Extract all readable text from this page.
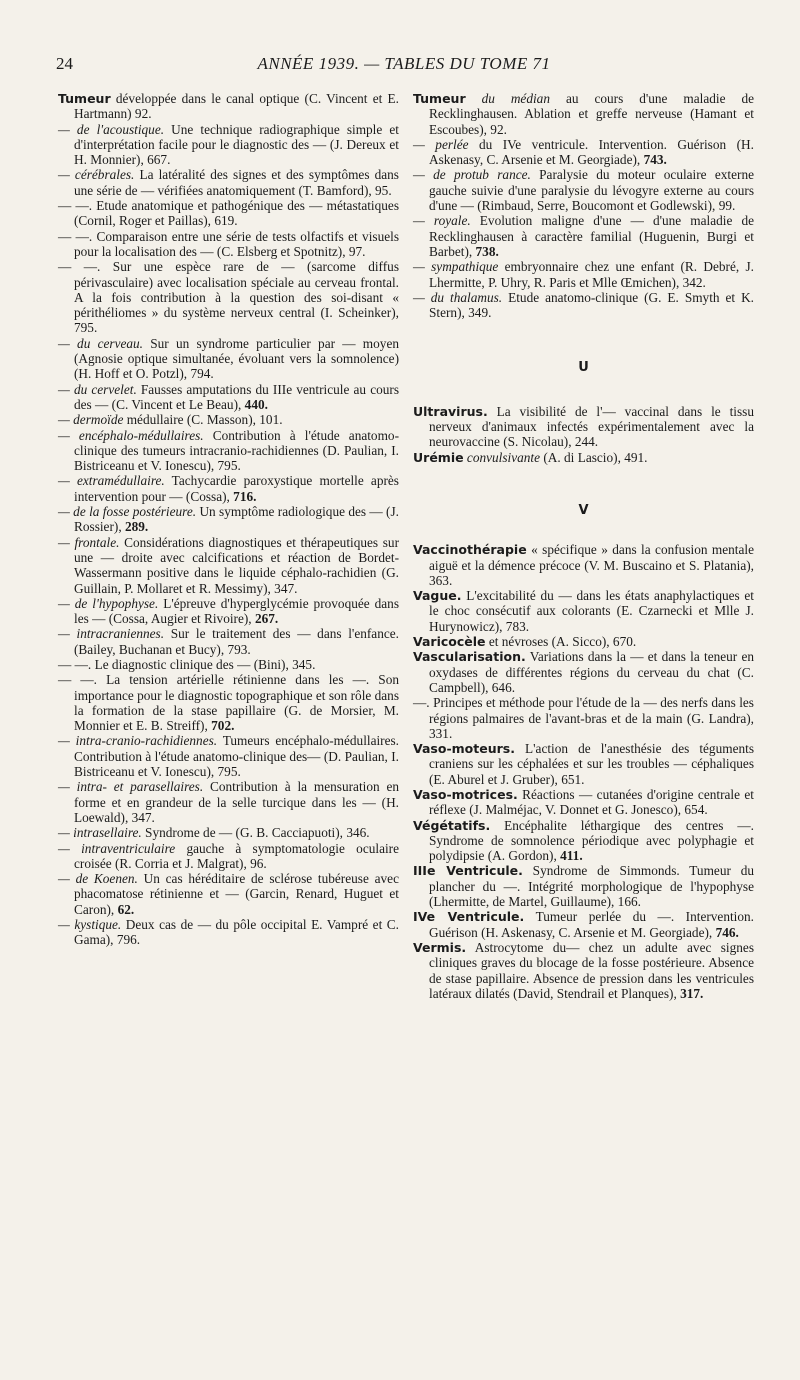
24	ANNÉE 1939. — TABLES DU TOME 71

Tumeur développée dans le canal optique (C. Vincent et E. Hartmann) 92.

— de l'acoustique. Une technique radiographique simple et d'interprétation facile pour le diagnostic des — (J. Dereux et H. Monnier), 667.

— cérébrales. La latéralité des signes et des symptômes dans une série de — vérifiées anatomiquement (T. Bamford), 95.

— —. Etude anatomique et pathogénique des — métastatiques (Cornil, Roger et Paillas), 619.

— —. Comparaison entre une série de tests olfactifs et visuels pour la localisation des — (C. Elsberg et Spotnitz), 97.

— —. Sur une espèce rare de — (sarcome diffus périvasculaire) avec localisation spéciale au cerveau frontal. A la fois contribution à la question des soi-disant « périthéliomes » du système nerveux central (I. Scheinker), 795.

— du cerveau. Sur un syndrome particulier par — moyen (Agnosie optique simultanée, évoluant vers la somnolence) (H. Hoff et O. Potzl), 794.

— du cervelet. Fausses amputations du IIIe ventricule au cours des — (C. Vincent et Le Beau), 440.

— dermoïde médullaire (C. Masson), 101.

— encéphalo-médullaires. Contribution à l'étude anatomo-clinique des tumeurs intracranio-rachidiennes (D. Paulian, I. Bistriceanu et V. Ionescu), 795.

— extramédullaire. Tachycardie paroxystique mortelle après intervention pour — (Cossa), 716.

— de la fosse postérieure. Un symptôme radiologique des — (J. Rossier), 289.

— frontale. Considérations diagnostiques et thérapeutiques sur une — droite avec calcifications et réaction de Bordet-Wassermann positive dans le liquide céphalo-rachidien (G. Guillain, P. Mollaret et R. Messimy), 347.

— de l'hypophyse. L'épreuve d'hyperglycémie provoquée dans les — (Cossa, Augier et Rivoire), 267.

— intracraniennes. Sur le traitement des — dans l'enfance. (Bailey, Buchanan et Bucy), 793.

— —. Le diagnostic clinique des — (Bini), 345.

— —. La tension artérielle rétinienne dans les —. Son importance pour le diagnostic topographique et son rôle dans la formation de la stase papillaire (G. de Morsier, M. Monnier et E. B. Streiff), 702.

— intra-cranio-rachidiennes. Tumeurs encéphalo-médullaires. Contribution à l'étude anatomo-clinique des— (D. Paulian, I. Bistriceanu et V. Ionescu), 795.

— intra- et parasellaires. Contribution à la mensuration en forme et en grandeur de la selle turcique dans les — (H. Loewald), 347.

— intrasellaire. Syndrome de — (G. B. Cacciapuoti), 346.

— intraventriculaire gauche à symptomatologie oculaire croisée (R. Corria et J. Malgrat), 96.

— de Koenen. Un cas héréditaire de sclérose tubéreuse avec phacomatose rétinienne et — (Garcin, Renard, Huguet et Caron), 62.

— kystique. Deux cas de — du pôle occipital E. Vampré et C. Gama), 796.

Tumeur du médian au cours d'une maladie de Recklinghausen. Ablation et greffe nerveuse (Hamant et Escoubes), 92.

— perlée du IVe ventricule. Intervention. Guérison (H. Askenasy, C. Arsenie et M. Georgiade), 743.

— de protub rance. Paralysie du moteur oculaire externe gauche suivie d'une paralysie du lévogyre externe au cours d'une — (Rimbaud, Serre, Boucomont et Godlewski), 99.

— royale. Evolution maligne d'une — d'une maladie de Recklinghausen à caractère familial (Huguenin, Burgi et Barbet), 738.

— sympathique embryonnaire chez une enfant (R. Debré, J. Lhermitte, P. Uhry, R. Paris et Mlle Œmichen), 342.

— du thalamus. Etude anatomo-clinique (G. E. Smyth et K. Stern), 349.

U

Ultravirus. La visibilité de l'— vaccinal dans le tissu nerveux d'animaux infectés expérimentalement avec la neurovaccine (S. Nicolau), 244.

Urémie convulsivante (A. di Lascio), 491.

V

Vaccinothérapie « spécifique » dans la confusion mentale aiguë et la démence précoce (V. M. Buscaino et S. Platania), 363.

Vague. L'excitabilité du — dans les états anaphylactiques et le choc consécutif aux colorants (E. Czarnecki et Mlle J. Hurynowicz), 783.

Varicocèle et névroses (A. Sicco), 670.

Vascularisation. Variations dans la — et dans la teneur en oxydases de différentes régions du cerveau du chat (C. Campbell), 646.

—. Principes et méthode pour l'étude de la — des nerfs dans les régions palmaires de l'avant-bras et de la main (G. Landra), 331.

Vaso-moteurs. L'action de l'anesthésie des téguments craniens sur les céphalées et sur les troubles — céphaliques (E. Aburel et J. Gruber), 651.

Vaso-motrices. Réactions — cutanées d'origine centrale et réflexe (J. Malméjac, V. Donnet et G. Jonesco), 654.

Végétatifs. Encéphalite léthargique des centres —. Syndrome de somnolence périodique avec polyphagie et polydipsie (A. Gordon), 411.

IIIe Ventricule. Syndrome de Simmonds. Tumeur du plancher du —. Intégrité morphologique de l'hypophyse (Lhermitte, de Martel, Guillaume), 166.

IVe Ventricule. Tumeur perlée du —. Intervention. Guérison (H. Askenasy, C. Arsenie et M. Georgiade), 746.

Vermis. Astrocytome du— chez un adulte avec signes cliniques graves du blocage de la fosse postérieure. Absence de stase papillaire. Absence de pression dans les ventricules latéraux dilatés (David, Stendrail et Planques), 317.
